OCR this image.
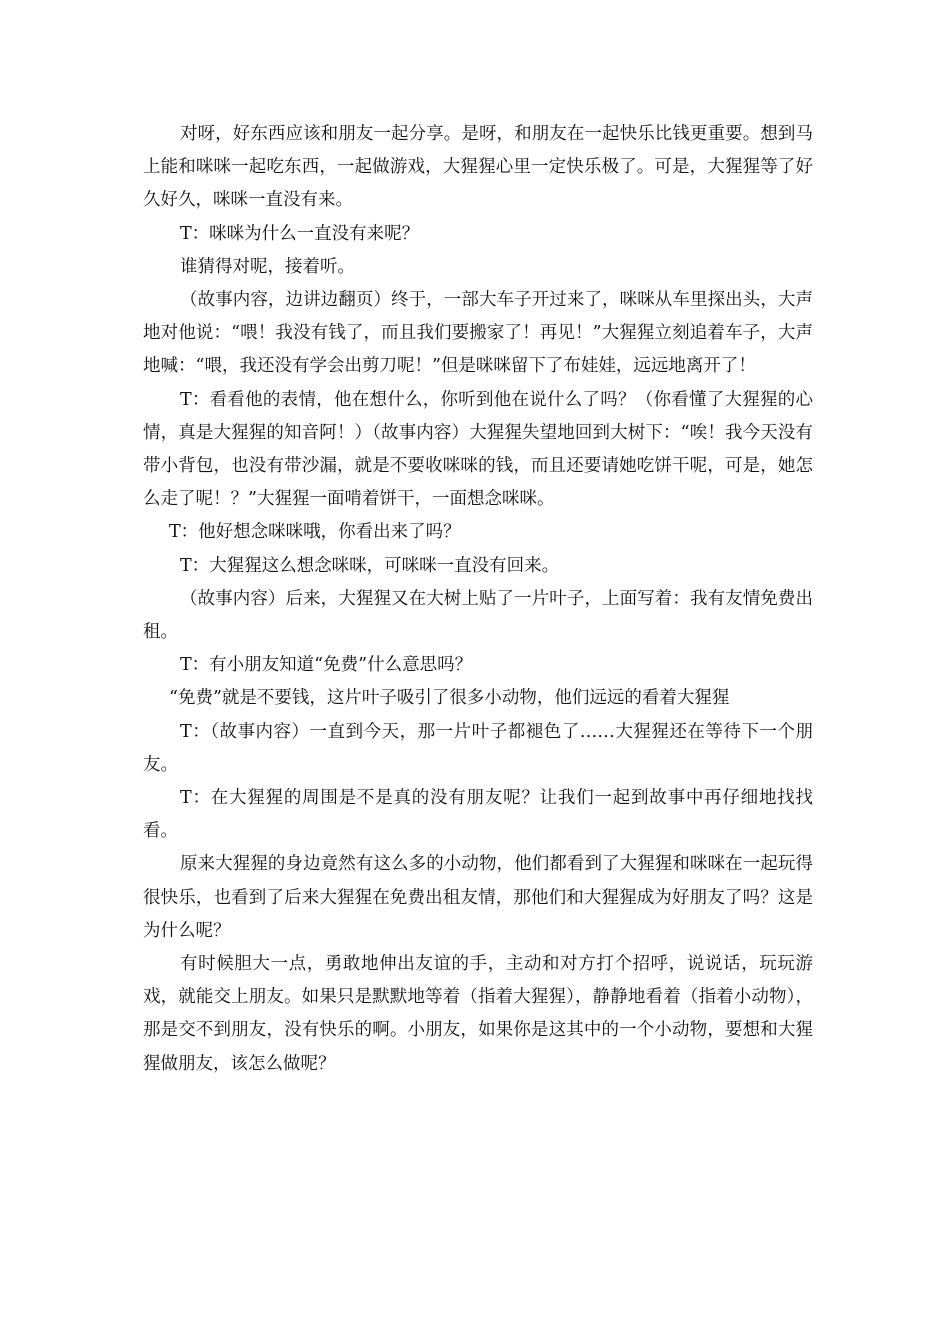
对呀，好东西应该和朋友一起分享。是呀，和朋友在一起快乐比钱更重要。想到马上能和咪咪一起吃东西，一起做游戏，大猩猩心里一定快乐极了。可是，大猩猩等了好久好久，咪咪一直没有来。

T：咪咪为什么一直没有来呢？

谁猜得对呢，接着听。

（故事内容，边讲边翻页）终于，一部大车子开过来了，咪咪从车里探出头，大声地对他说：“喂！我没有钱了，而且我们要搬家了！再见！”大猩猩立刻追着车子，大声地喊：“喂，我还没有学会出剪刀呢！”但是咪咪留下了布娃娃，远远地离开了！

T：看看他的表情，他在想什么，你听到他在说什么了吗？（你看懂了大猩猩的心情，真是大猩猩的知音阿！）（故事内容）大猩猩失望地回到大树下：“唉！我今天没有带小背包，也没有带沙漏，就是不要收咪咪的钱，而且还要请她吃饼干呢，可是，她怎么走了呢！？”大猩猩一面啃着饼干，一面想念咪咪。

T：他好想念咪咪哦，你看出来了吗？

T：大猩猩这么想念咪咪，可咪咪一直没有回来。

（故事内容）后来，大猩猩又在大树上贴了一片叶子，上面写着：我有友情免费出租。

T：有小朋友知道“免费”什么意思吗？

“免费”就是不要钱，这片叶子吸引了很多小动物，他们远远的看着大猩猩

T：（故事内容）一直到今天，那一片叶子都褪色了……大猩猩还在等待下一个朋友。

T：在大猩猩的周围是不是真的没有朋友呢？让我们一起到故事中再仔细地找找看。

原来大猩猩的身边竟然有这么多的小动物，他们都看到了大猩猩和咪咪在一起玩得很快乐，也看到了后来大猩猩在免费出租友情，那他们和大猩猩成为好朋友了吗？这是为什么呢？

有时候胆大一点，勇敢地伸出友谊的手，主动和对方打个招呼，说说话，玩玩游戏，就能交上朋友。如果只是默默地等着（指着大猩猩），静静地看着（指着小动物），那是交不到朋友，没有快乐的啊。小朋友，如果你是这其中的一个小动物，要想和大猩猩做朋友，该怎么做呢？
